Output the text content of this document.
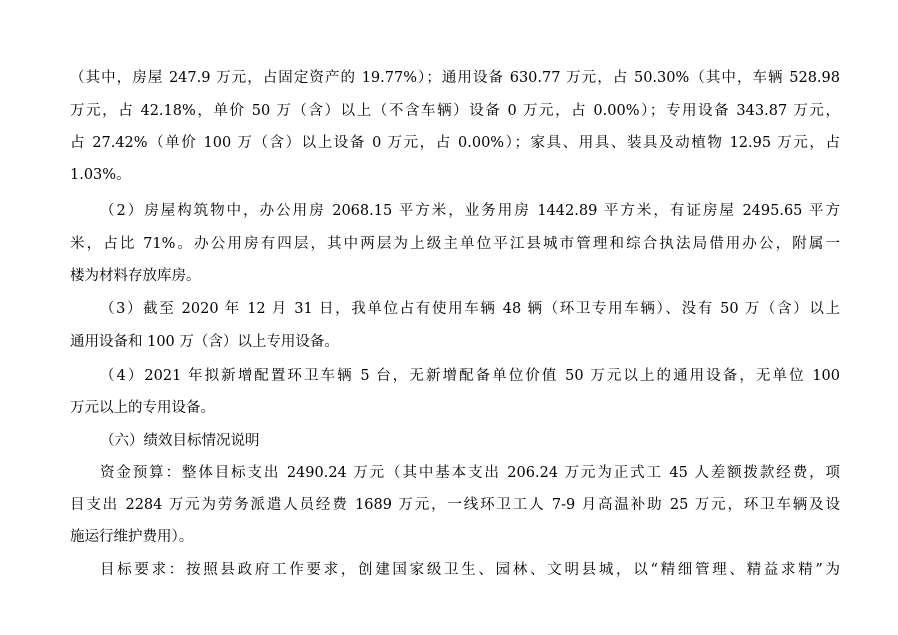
（其中，房屋 247.9 万元，占固定资产的 19.77%）；通用设备 630.77 万元，占 50.30%（其中，车辆 528.98
万元，占 42.18%，单价 50 万（含）以上（不含车辆）设备 0 万元，占 0.00%）；专用设备 343.87 万元，
占 27.42%（单价 100 万（含）以上设备 0 万元，占 0.00%）；家具、用具、装具及动植物 12.95 万元，占
1.03%。
（2）房屋构筑物中，办公用房 2068.15 平方米，业务用房 1442.89 平方米，有证房屋 2495.65 平方
米，占比 71%。办公用房有四层，其中两层为上级主单位平江县城市管理和综合执法局借用办公，附属一
楼为材料存放库房。
（3）截至 2020 年 12 月 31 日，我单位占有使用车辆 48 辆（环卫专用车辆）、没有 50 万（含）以上
通用设备和 100 万（含）以上专用设备。
（4）2021 年拟新增配置环卫车辆 5 台，无新增配备单位价值 50 万元以上的通用设备，无单位 100
万元以上的专用设备。
（六）绩效目标情况说明
资金预算：整体目标支出 2490.24 万元（其中基本支出 206.24 万元为正式工 45 人差额拨款经费，项
目支出 2284 万元为劳务派遣人员经费 1689 万元，一线环卫工人 7-9 月高温补助 25 万元，环卫车辆及设
施运行维护费用）。
目标要求：按照县政府工作要求，创建国家级卫生、园林、文明县城，以“精细管理、精益求精”为
